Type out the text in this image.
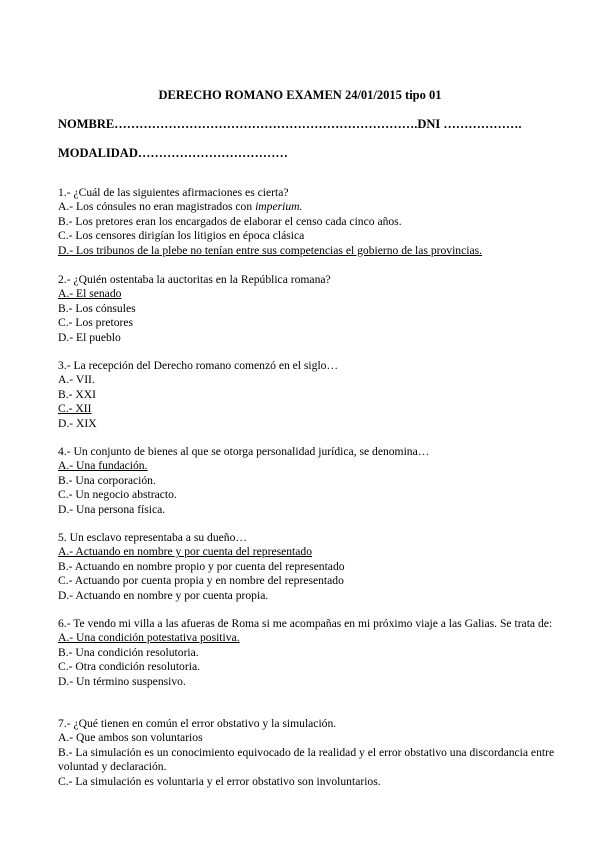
DERECHO ROMANO EXAMEN 24/01/2015 tipo 01
NOMBRE……………………………………………………………….DNI ……………….
MODALIDAD………………………………
1.- ¿Cuál de las siguientes afirmaciones es cierta?
A.- Los cónsules no eran magistrados con imperium.
B.- Los pretores eran los encargados de elaborar el censo cada cinco años.
C.- Los censores dirigían los litigios en época clásica
D.- Los tribunos de la plebe no tenían entre sus competencias el gobierno de las provincias.
2.- ¿Quién ostentaba la auctoritas en la República romana?
A.- El senado
B.- Los cónsules
C.- Los pretores
D.- El pueblo
3.- La recepción del Derecho romano comenzó en el siglo…
A.- VII.
B.- XXI
C.- XII
D.- XIX
4.- Un conjunto de bienes al que se otorga personalidad jurídica, se denomina…
A.- Una fundación.
B.- Una corporación.
C.- Un negocio abstracto.
D.- Una persona física.
5. Un esclavo representaba a su dueño…
A.- Actuando en nombre y por cuenta del representado
B.- Actuando en nombre propio y por cuenta del representado
C.- Actuando por cuenta propia y en nombre del representado
D.- Actuando en nombre y por cuenta propia.
6.- Te vendo mi villa a las afueras de Roma si me acompañas en mi próximo viaje a las Galias. Se trata de:
A.- Una condición potestativa positiva.
B.- Una condición resolutoria.
C.- Otra condición resolutoria.
D.- Un término suspensivo.
7.- ¿Qué tienen en común el error obstativo y la simulación.
A.- Que ambos son voluntarios
B.- La simulación es un conocimiento equivocado de la realidad y el error obstativo una discordancia entre voluntad y declaración.
C.- La simulación es voluntaria y el error obstativo son involuntarios.
